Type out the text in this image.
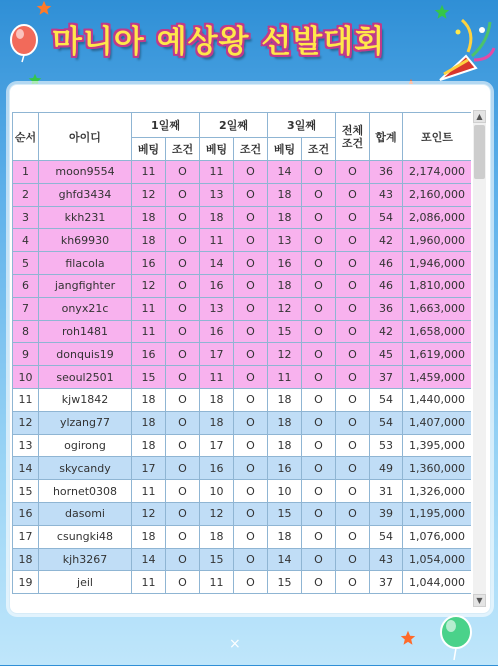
마니아 예상왕 선발대회
순서	아이디	1일째		2일째		3일째		전체 조건	합계	포인트
		베팅	조건	베팅	조건	베팅	조건			
1	moon9554	11	O	11	O	14	O	O	36	2,174,000
2	ghfd3434	12	O	13	O	18	O	O	43	2,160,000
3	kkh231	18	O	18	O	18	O	O	54	2,086,000
4	kh69930	18	O	11	O	13	O	O	42	1,960,000
5	filacola	16	O	14	O	16	O	O	46	1,946,000
6	jangfighter	12	O	16	O	18	O	O	46	1,810,000
7	onyx21c	11	O	13	O	12	O	O	36	1,663,000
8	roh1481	11	O	16	O	15	O	O	42	1,658,000
9	donquis19	16	O	17	O	12	O	O	45	1,619,000
10	seoul2501	15	O	11	O	11	O	O	37	1,459,000
11	kjw1842	18	O	18	O	18	O	O	54	1,440,000
12	ylzang77	18	O	18	O	18	O	O	54	1,407,000
13	ogirong	18	O	17	O	18	O	O	53	1,395,000
14	skycandy	17	O	16	O	16	O	O	49	1,360,000
15	hornet0308	11	O	10	O	10	O	O	31	1,326,000
16	dasomi	12	O	12	O	15	O	O	39	1,195,000
17	csungki48	18	O	18	O	18	O	O	54	1,076,000
18	kjh3267	14	O	15	O	14	O	O	43	1,054,000
19	jeil	11	O	11	O	15	O	O	37	1,044,000
▲
▼
×
